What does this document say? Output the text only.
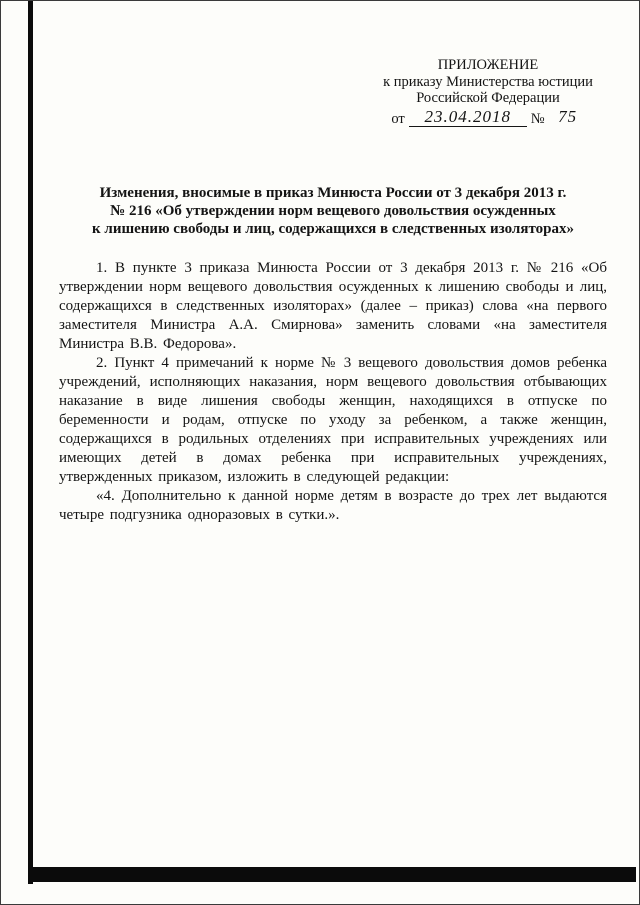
ПРИЛОЖЕНИЕ
к приказу Министерства юстиции
Российской Федерации
от 23.04.2018 № 75
Изменения, вносимые в приказ Минюста России от 3 декабря 2013 г.
№ 216 «Об утверждении норм вещевого довольствия осужденных
к лишению свободы и лиц, содержащихся в следственных изоляторах»

1. В пункте 3 приказа Минюста России от 3 декабря 2013 г. № 216 «Об утверждении норм вещевого довольствия осужденных к лишению свободы и лиц, содержащихся в следственных изоляторах» (далее – приказ) слова «на первого заместителя Министра А.А. Смирнова» заменить словами «на заместителя Министра В.В. Федорова».

2. Пункт 4 примечаний к норме № 3 вещевого довольствия домов ребенка учреждений, исполняющих наказания, норм вещевого довольствия отбывающих наказание в виде лишения свободы женщин, находящихся в отпуске по беременности и родам, отпуске по уходу за ребенком, а также женщин, содержащихся в родильных отделениях при исправительных учреждениях или имеющих детей в домах ребенка при исправительных учреждениях, утвержденных приказом, изложить в следующей редакции:

«4. Дополнительно к данной норме детям в возрасте до трех лет выдаются четыре подгузника одноразовых в сутки.».
